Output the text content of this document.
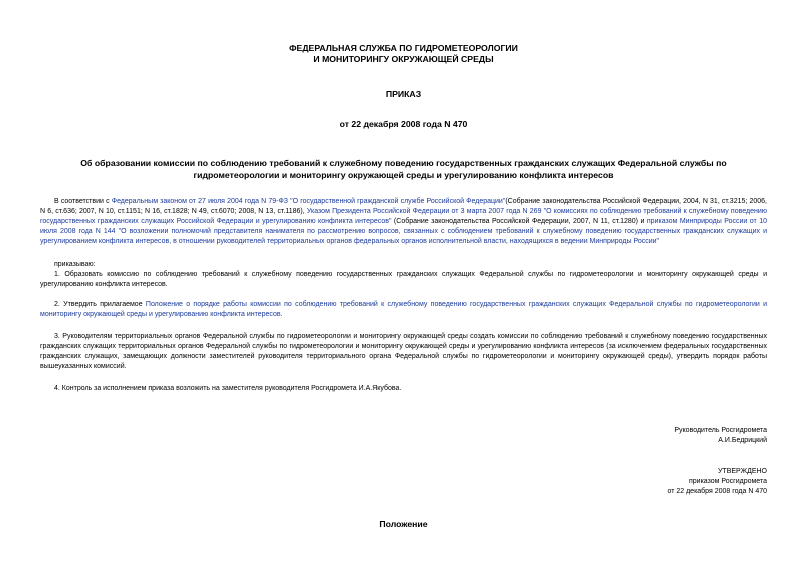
ФЕДЕРАЛЬНАЯ СЛУЖБА ПО ГИДРОМЕТЕОРОЛОГИИ
И МОНИТОРИНГУ ОКРУЖАЮЩЕЙ СРЕДЫ
ПРИКАЗ
от 22 декабря 2008 года N 470
Об образовании комиссии по соблюдению требований к служебному поведению государственных гражданских служащих Федеральной службы по гидрометеорологии и мониторингу окружающей среды и урегулированию конфликта интересов
В соответствии с Федеральным законом от 27 июля 2004 года N 79-ФЗ "О государственной гражданской службе Российской Федерации"(Собрание законодательства Российской Федерации, 2004, N 31, ст.3215; 2006, N 6, ст.636; 2007, N 10, ст.1151; N 16, ст.1828; N 49, ст.6070; 2008, N 13, ст.1186), Указом Президента Российской Федерации от 3 марта 2007 года N 269 "О комиссиях по соблюдению требований к служебному поведению государственных гражданских служащих Российской Федерации и урегулированию конфликта интересов" (Собрание законодательства Российской Федерации, 2007, N 11, ст.1280) и приказом Минприроды России от 10 июля 2008 года N 144 "О возложении полномочий представителя нанимателя по рассмотрению вопросов, связанных с соблюдением требований к служебному поведению государственных гражданских служащих и урегулированием конфликта интересов, в отношении руководителей территориальных органов федеральных органов исполнительной власти, находящихся в ведении Минприроды России"
приказываю:
1. Образовать комиссию по соблюдению требований к служебному поведению государственных гражданских служащих Федеральной службы по гидрометеорологии и мониторингу окружающей среды и урегулированию конфликта интересов.
2. Утвердить прилагаемое Положение о порядке работы комиссии по соблюдению требований к служебному поведению государственных гражданских служащих Федеральной службы по гидрометеорологии и мониторингу окружающей среды и урегулированию конфликта интересов.
3. Руководителям территориальных органов Федеральной службы по гидрометеорологии и мониторингу окружающей среды создать комиссии по соблюдению требований к служебному поведению государственных гражданских служащих территориальных органов Федеральной службы по гидрометеорологии и мониторингу окружающей среды и урегулированию конфликта интересов (за исключением федеральных государственных гражданских служащих, замещающих должности заместителей руководителя территориального органа Федеральной службы по гидрометеорологии и мониторингу окружающей среды), утвердить порядок работы вышеуказанных комиссий.
4. Контроль за исполнением приказа возложить на заместителя руководителя Росгидромета И.А.Якубова.
Руководитель Росгидромета
А.И.Бедрицкий
УТВЕРЖДЕНО
приказом Росгидромета
от 22 декабря 2008 года N 470
Положение
